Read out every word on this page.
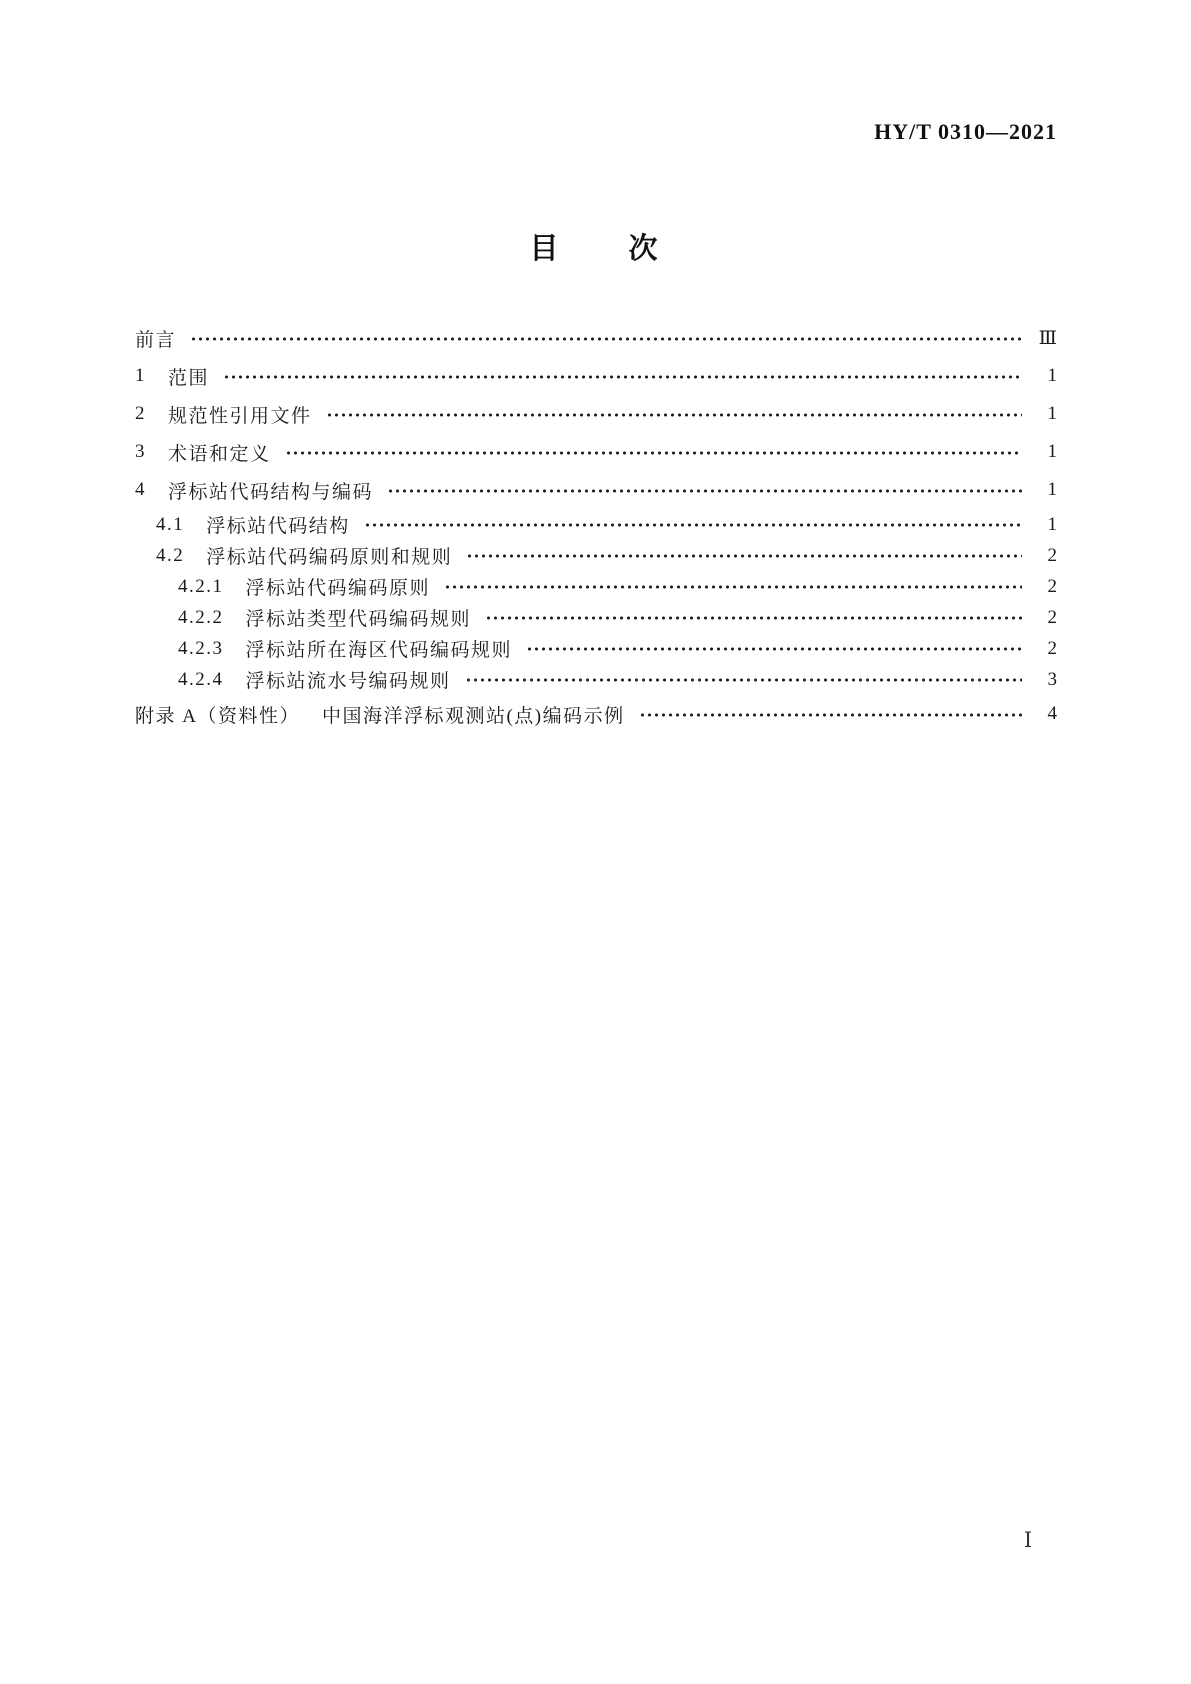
HY/T 0310—2021
目　　次
前言	Ⅲ
1 范围	1
2 规范性引用文件	1
3 术语和定义	1
4 浮标站代码结构与编码	1
4.1 浮标站代码结构	1
4.2 浮标站代码编码原则和规则	2
4.2.1 浮标站代码编码原则	2
4.2.2 浮标站类型代码编码规则	2
4.2.3 浮标站所在海区代码编码规则	2
4.2.4 浮标站流水号编码规则	3
附录 A（资料性） 中国海洋浮标观测站(点)编码示例	4
Ⅰ
